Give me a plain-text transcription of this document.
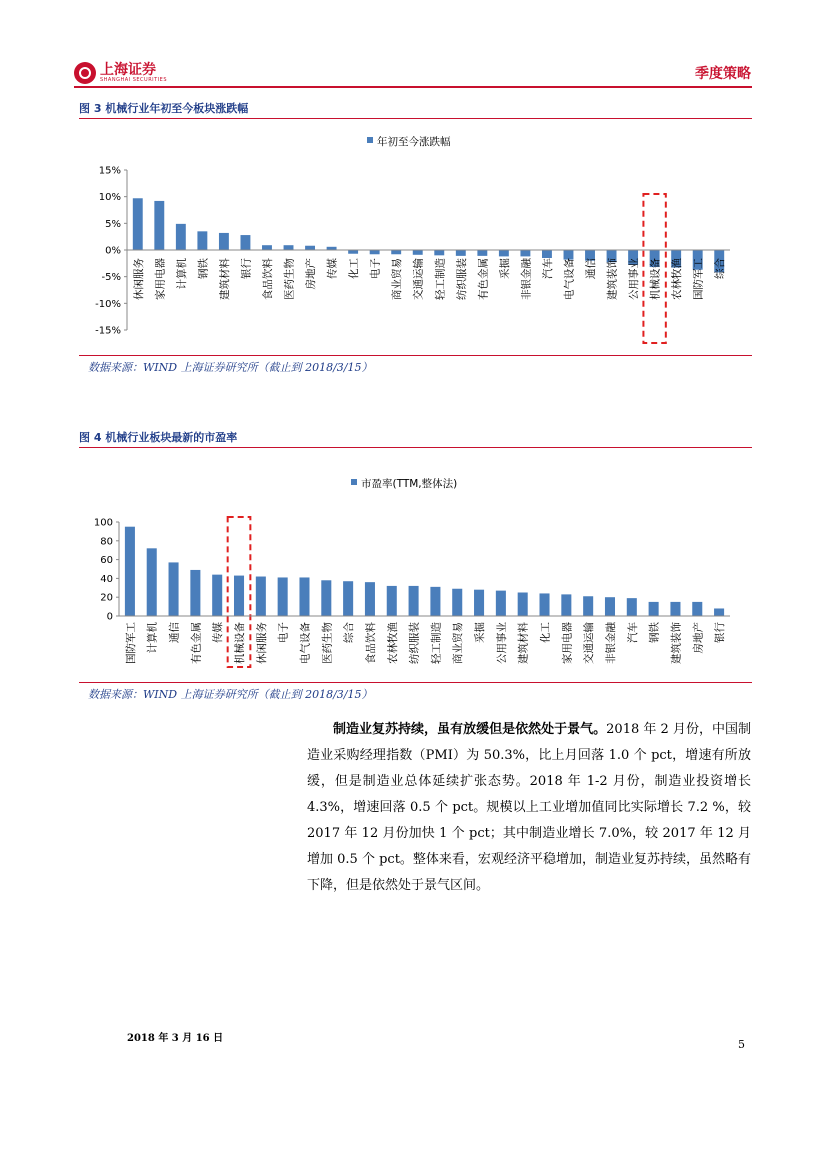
上海证券
SHANGHAI SECURITIES	季度策略
图 3 机械行业年初至今板块涨跌幅
年初至今涨跌幅
15%
10%
5%
0%
-5%
-10%
-15%
休闲服务 家用电器 计算机 钢铁 建筑材料 银行 食品饮料 医药生物 房地产 传媒 化工 电子 商业贸易 交通运输 轻工制造 纺织服装 有色金属 采掘 非银金融 汽车 电气设备 通信 建筑装饰 公用事业 机械设备 农林牧渔 国防军工 综合
数据来源：WIND 上海证券研究所（截止到 2018/3/15）
图 4 机械行业板块最新的市盈率
市盈率(TTM,整体法)
100
80
60
40
20
0
国防军工 计算机 通信 有色金属 传媒 机械设备 休闲服务 电子 电气设备 医药生物 综合 食品饮料 农林牧渔 纺织服装 轻工制造 商业贸易 采掘 公用事业 建筑材料 化工 家用电器 交通运输 非银金融 汽车 钢铁 建筑装饰 房地产 银行
数据来源：WIND 上海证券研究所（截止到 2018/3/15）
制造业复苏持续，虽有放缓但是依然处于景气。2018 年 2 月份，中国制造业采购经理指数（PMI）为 50.3%，比上月回落 1.0 个 pct，增速有所放缓，但是制造业总体延续扩张态势。2018 年 1-2 月份，制造业投资增长 4.3%，增速回落 0.5 个 pct。规模以上工业增加值同比实际增长 7.2 %，较 2017 年 12 月份加快 1 个 pct；其中制造业增长 7.0%，较 2017 年 12 月增加 0.5 个 pct。整体来看，宏观经济平稳增加，制造业复苏持续，虽然略有下降，但是依然处于景气区间。
2018 年 3 月 16 日	5
